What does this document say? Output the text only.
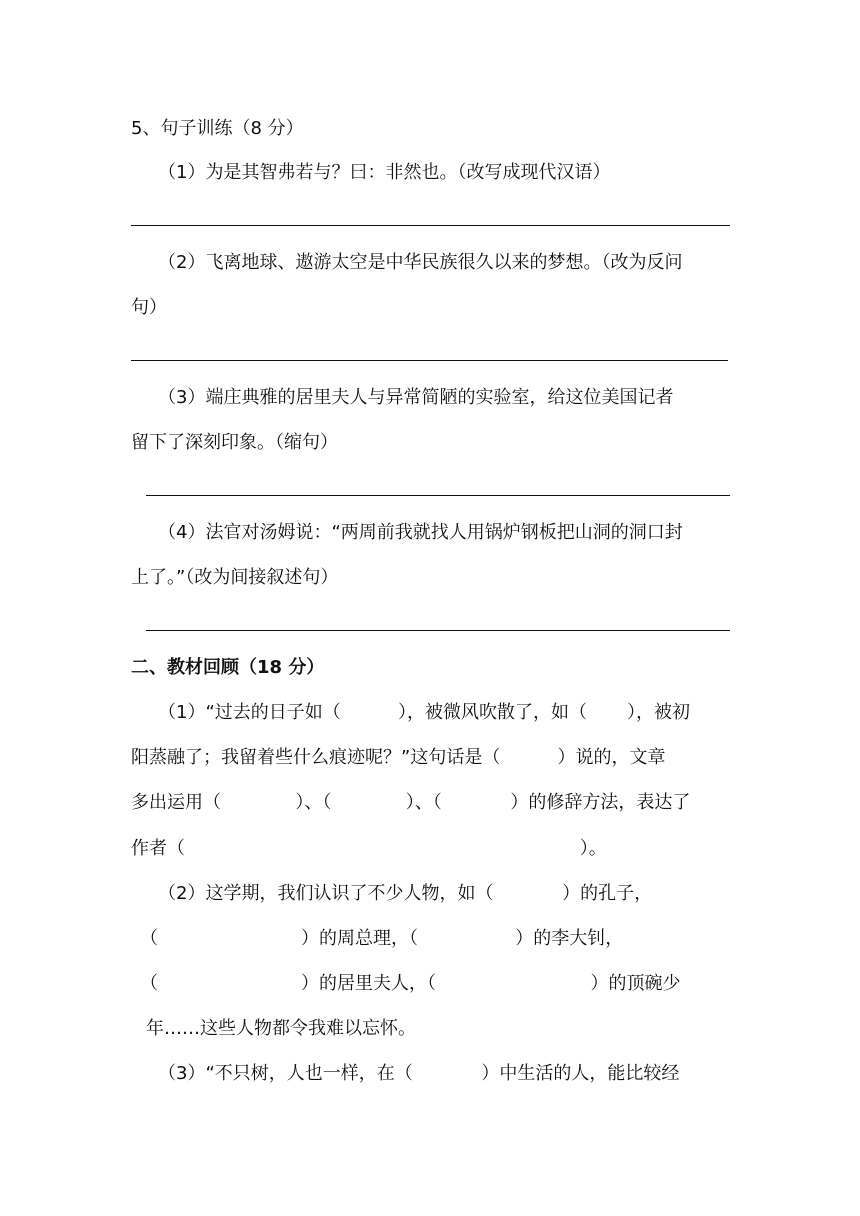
5、句子训练（8 分）
（1）为是其智弗若与？曰：非然也。（改写成现代汉语）
（2）飞离地球、遨游太空是中华民族很久以来的梦想。（改为反问
句）
（3）端庄典雅的居里夫人与异常简陋的实验室，给这位美国记者
留下了深刻印象。（缩句）
（4）法官对汤姆说：“两周前我就找人用锅炉钢板把山洞的洞口封
上了。”（改为间接叙述句）
二、教材回顾（18 分）
（1）“过去的日子如（          ），被微风吹散了，如（       ），被初
阳蒸融了；我留着些什么痕迹呢？”这句话是（          ）说的，文章
多出运用（             ）、（             ）、（            ）的修辞方法，表达了
作者（                                                                     ）。
（2）这学期，我们认识了不少人物，如（            ）的孔子，
（                         ）的周总理，（                 ）的李大钊，
（                         ）的居里夫人，（                           ）的顶碗少
年……这些人物都令我难以忘怀。
（3）“不只树，人也一样，在（            ）中生活的人，能比较经
